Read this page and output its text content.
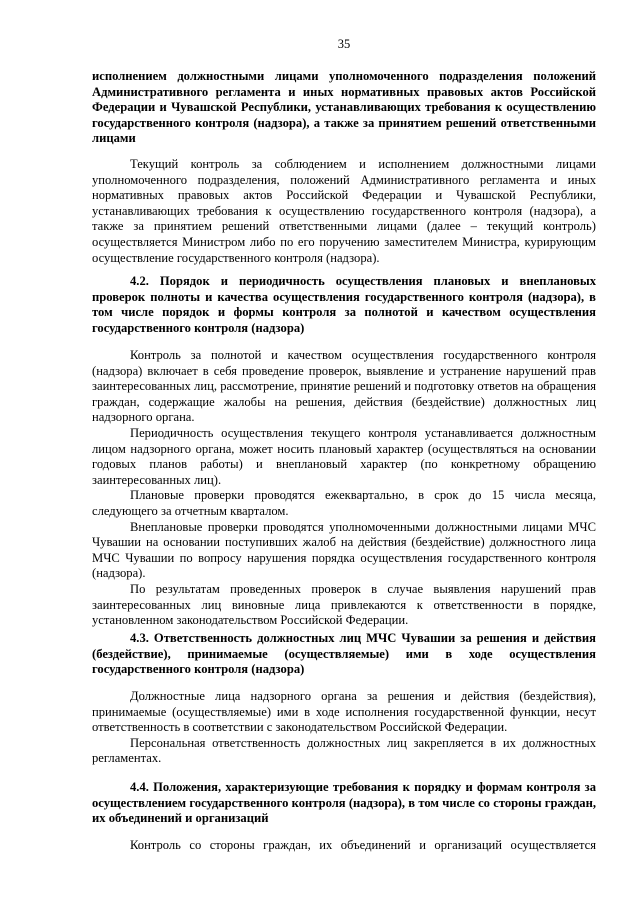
35

исполнением должностными лицами уполномоченного подразделения положений Административного регламента и иных нормативных правовых актов Российской Федерации и Чувашской Республики, устанавливающих требования к осуществлению государственного контроля (надзора), а также за принятием решений ответственными лицами

Текущий контроль за соблюдением и исполнением должностными лицами уполномоченного подразделения, положений Административного регламента и иных нормативных правовых актов Российской Федерации и Чувашской Республики, устанавливающих требования к осуществлению государственного контроля (надзора), а также за принятием решений ответственными лицами (далее – текущий контроль) осуществляется Министром либо по его поручению заместителем Министра, курирующим осуществление государственного контроля (надзора).

4.2. Порядок и периодичность осуществления плановых и внеплановых проверок полноты и качества осуществления государственного контроля (надзора), в том числе порядок и формы контроля за полнотой и качеством осуществления государственного контроля (надзора)

Контроль за полнотой и качеством осуществления государственного контроля (надзора) включает в себя проведение проверок, выявление и устранение нарушений прав заинтересованных лиц, рассмотрение, принятие решений и подготовку ответов на обращения граждан, содержащие жалобы на решения, действия (бездействие) должностных лиц надзорного органа.

Периодичность осуществления текущего контроля устанавливается должностным лицом надзорного органа, может носить плановый характер (осуществляться на основании годовых планов работы) и внеплановый характер (по конкретному обращению заинтересованных лиц).

Плановые проверки проводятся ежеквартально, в срок до 15 числа месяца, следующего за отчетным кварталом.

Внеплановые проверки проводятся уполномоченными должностными лицами МЧС Чувашии на основании поступивших жалоб на действия (бездействие) должностного лица МЧС Чувашии по вопросу нарушения порядка осуществления государственного контроля (надзора).

По результатам проведенных проверок в случае выявления нарушений прав заинтересованных лиц виновные лица привлекаются к ответственности в порядке, установленном законодательством Российской Федерации.

4.3. Ответственность должностных лиц МЧС Чувашии за решения и действия (бездействие), принимаемые (осуществляемые) ими в ходе осуществления государственного контроля (надзора)

Должностные лица надзорного органа за решения и действия (бездействия), принимаемые (осуществляемые) ими в ходе исполнения государственной функции, несут ответственность в соответствии с законодательством Российской Федерации.

Персональная ответственность должностных лиц закрепляется в их должностных регламентах.

4.4. Положения, характеризующие требования к порядку и формам контроля за осуществлением государственного контроля (надзора), в том числе со стороны граждан, их объединений и организаций

Контроль со стороны граждан, их объединений и организаций осуществляется
